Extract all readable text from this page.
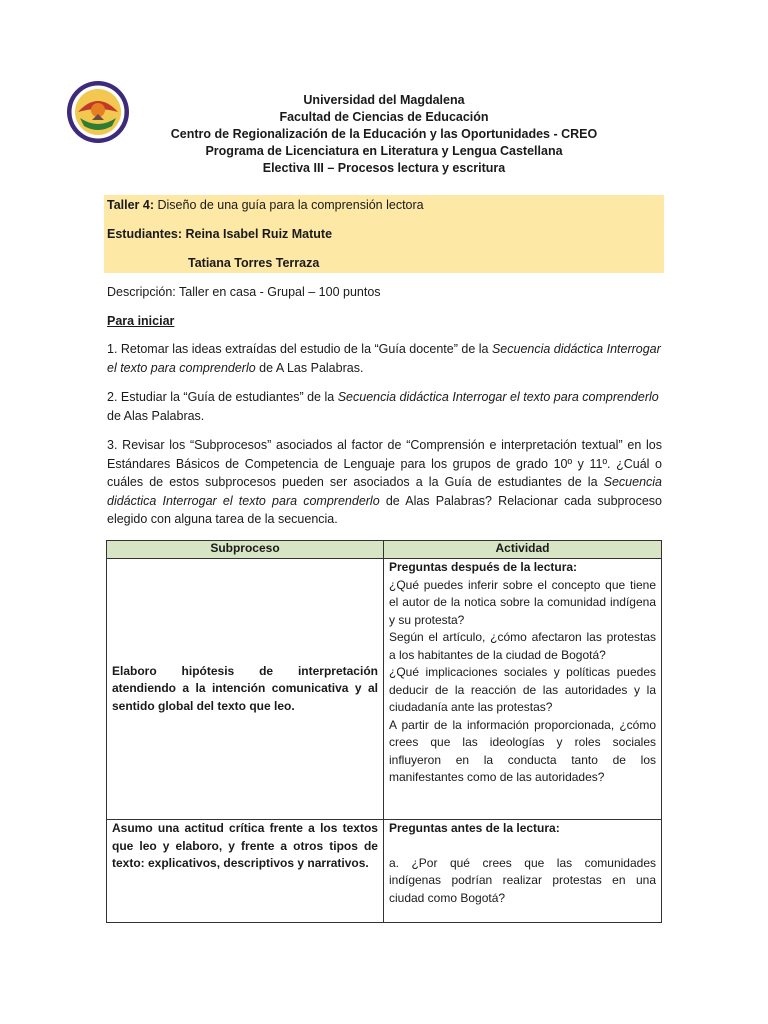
Universidad del Magdalena
Facultad de Ciencias de Educación
Centro de Regionalización de la Educación y las Oportunidades - CREO
Programa de Licenciatura en Literatura y Lengua Castellana
Electiva III – Procesos lectura y escritura
Taller 4: Diseño de una guía para la comprensión lectora
Estudiantes: Reina Isabel Ruiz Matute
Tatiana Torres Terraza
Descripción: Taller en casa - Grupal – 100 puntos
Para iniciar
1. Retomar las ideas extraídas del estudio de la “Guía docente” de la Secuencia didáctica Interrogar el texto para comprenderlo de A Las Palabras.
2. Estudiar la “Guía de estudiantes” de la Secuencia didáctica Interrogar el texto para comprenderlo de Alas Palabras.
3. Revisar los “Subprocesos” asociados al factor de “Comprensión e interpretación textual” en los Estándares Básicos de Competencia de Lenguaje para los grupos de grado 10º y 11º. ¿Cuál o cuáles de estos subprocesos pueden ser asociados a la Guía de estudiantes de la Secuencia didáctica Interrogar el texto para comprenderlo de Alas Palabras? Relacionar cada subproceso elegido con alguna tarea de la secuencia.
Subproceso	Actividad

Elaboro hipótesis de interpretación atendiendo a la intención comunicativa y al sentido global del texto que leo.	Preguntas después de la lectura:

¿Qué puedes inferir sobre el concepto que tiene el autor de la notica sobre la comunidad indígena y su protesta?

Según el artículo, ¿cómo afectaron las protestas a los habitantes de la ciudad de Bogotá?

¿Qué implicaciones sociales y políticas puedes deducir de la reacción de las autoridades y la ciudadanía ante las protestas?

A partir de la información proporcionada, ¿cómo crees que las ideologías y roles sociales influyeron en la conducta tanto de los manifestantes como de las autoridades?

Asumo una actitud crítica frente a los textos que leo y elaboro, y frente a otros tipos de texto: explicativos, descriptivos y narrativos.	Preguntas antes de la lectura:

a. ¿Por qué crees que las comunidades indígenas podrían realizar protestas en una ciudad como Bogotá?
